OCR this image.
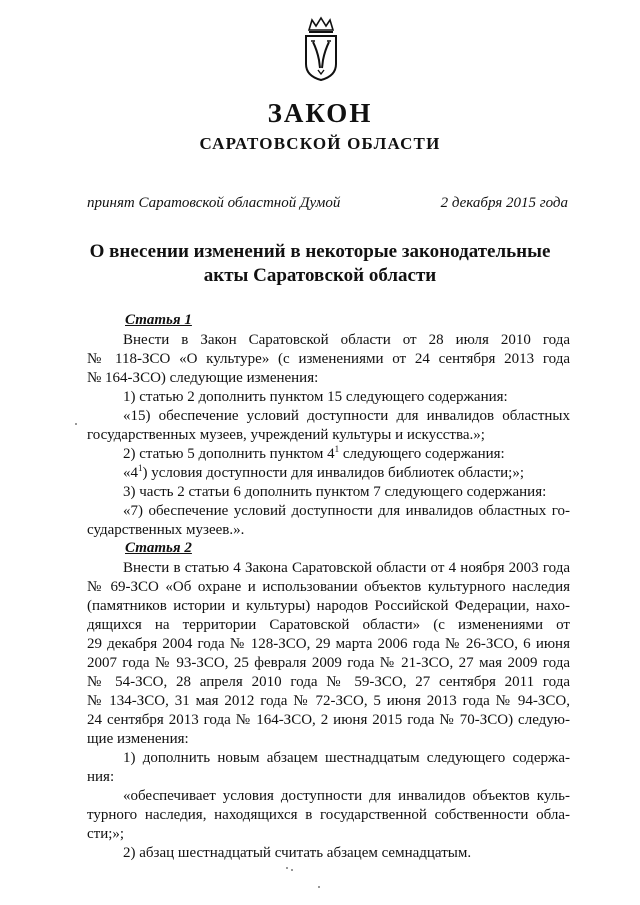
ЗАКОН
САРАТОВСКОЙ ОБЛАСТИ
принят Саратовской областной Думой	2 декабря 2015 года
О внесении изменений в некоторые законодательные
акты Саратовской области
Статья 1
Внести в Закон Саратовской области от 28 июля 2010 года
№ 118-ЗСО «О культуре» (с изменениями от 24 сентября 2013 года
№ 164-ЗСО) следующие изменения:
1) статью 2 дополнить пунктом 15 следующего содержания:
«15) обеспечение условий доступности для инвалидов областных
государственных музеев, учреждений культуры и искусства.»;
2) статью 5 дополнить пунктом $4^1$ следующего содержания:
«$4^1$) условия доступности для инвалидов библиотек области;»;
3) часть 2 статьи 6 дополнить пунктом 7 следующего содержания:
«7) обеспечение условий доступности для инвалидов областных го-
сударственных музеев.».
Статья 2
Внести в статью 4 Закона Саратовской области от 4 ноября 2003 года
№ 69-ЗСО «Об охране и использовании объектов культурного наследия
(памятников истории и культуры) народов Российской Федерации, нахо-
дящихся на территории Саратовской области» (с изменениями от
29 декабря 2004 года № 128-ЗСО, 29 марта 2006 года № 26-ЗСО, 6 июня
2007 года № 93-ЗСО, 25 февраля 2009 года № 21-ЗСО, 27 мая 2009 года
№ 54-ЗСО, 28 апреля 2010 года № 59-ЗСО, 27 сентября 2011 года
№ 134-ЗСО, 31 мая 2012 года № 72-ЗСО, 5 июня 2013 года № 94-ЗСО,
24 сентября 2013 года № 164-ЗСО, 2 июня 2015 года № 70-ЗСО) следую-
щие изменения:
1) дополнить новым абзацем шестнадцатым следующего содержа-
ния:
«обеспечивает условия доступности для инвалидов объектов куль-
турного наследия, находящихся в государственной собственности обла-
сти;»;
2) абзац шестнадцатый считать абзацем семнадцатым.
